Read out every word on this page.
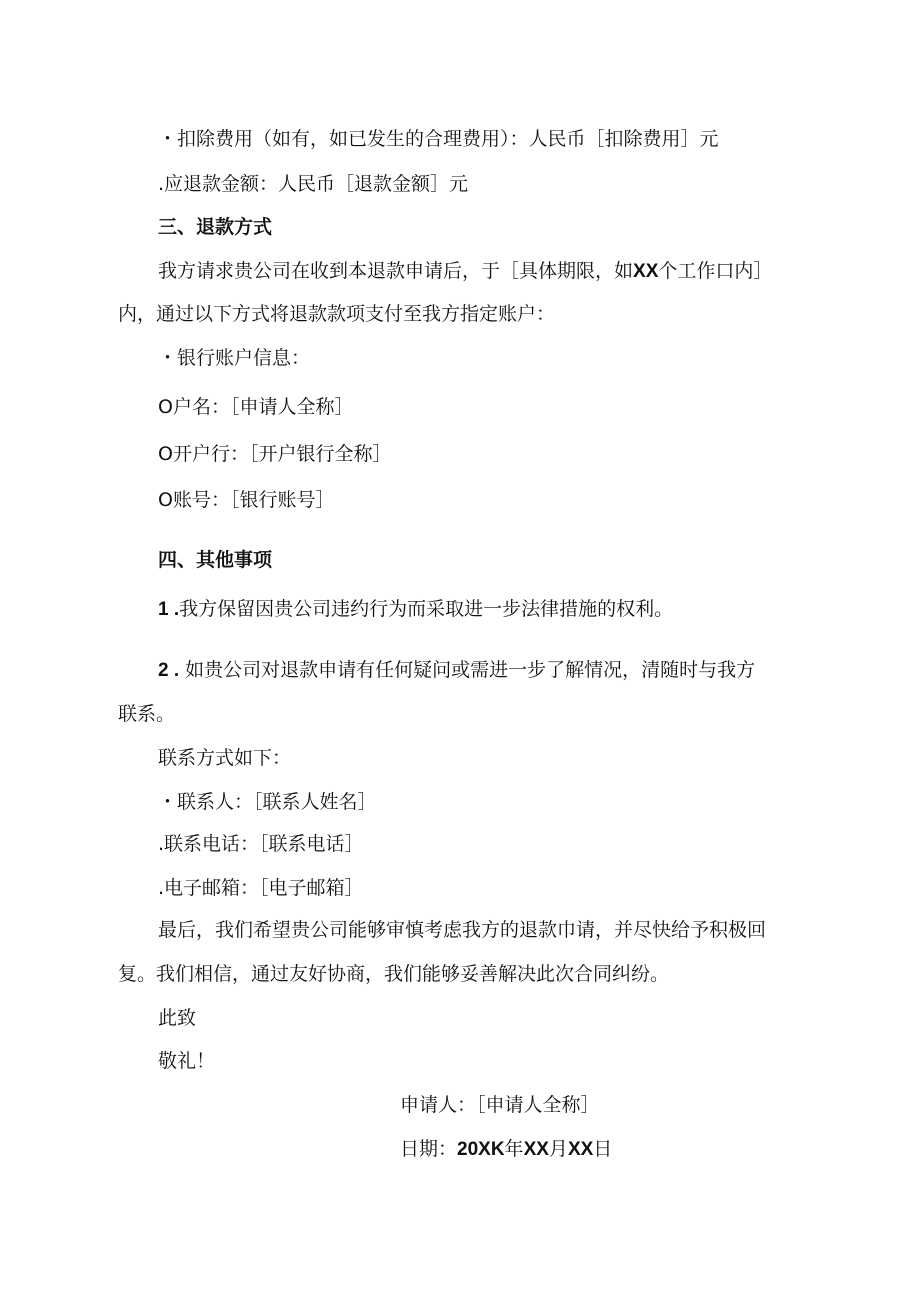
・扣除费用（如有，如已发生的合理费用）：人民币［扣除费用］元
.应退款金额：人民币［退款金额］元
三、退款方式
我方请求贵公司在收到本退款申请后，于［具体期限，如XX个工作口内］
内，通过以下方式将退款款项支付至我方指定账户：
・银行账户信息：
O户名：［申请人全称］
O开户行：［开户银行全称］
O账号：［银行账号］
四、其他事项
1 .我方保留因贵公司违约行为而采取进一步法律措施的权利。
2 . 如贵公司对退款申请有任何疑问或需进一步了解情况，清随时与我方
联系。
联系方式如下：
・联系人：［联系人姓名］
.联系电话：［联系电话］
.电子邮箱：［电子邮箱］
最后，我们希望贵公司能够审慎考虑我方的退款巾请，并尽快给予积极回
复。我们相信，通过友好协商，我们能够妥善解决此次合同纠纷。
此致
敬礼！
申请人：［申请人全称］
日期：20XK年XX月XX日
